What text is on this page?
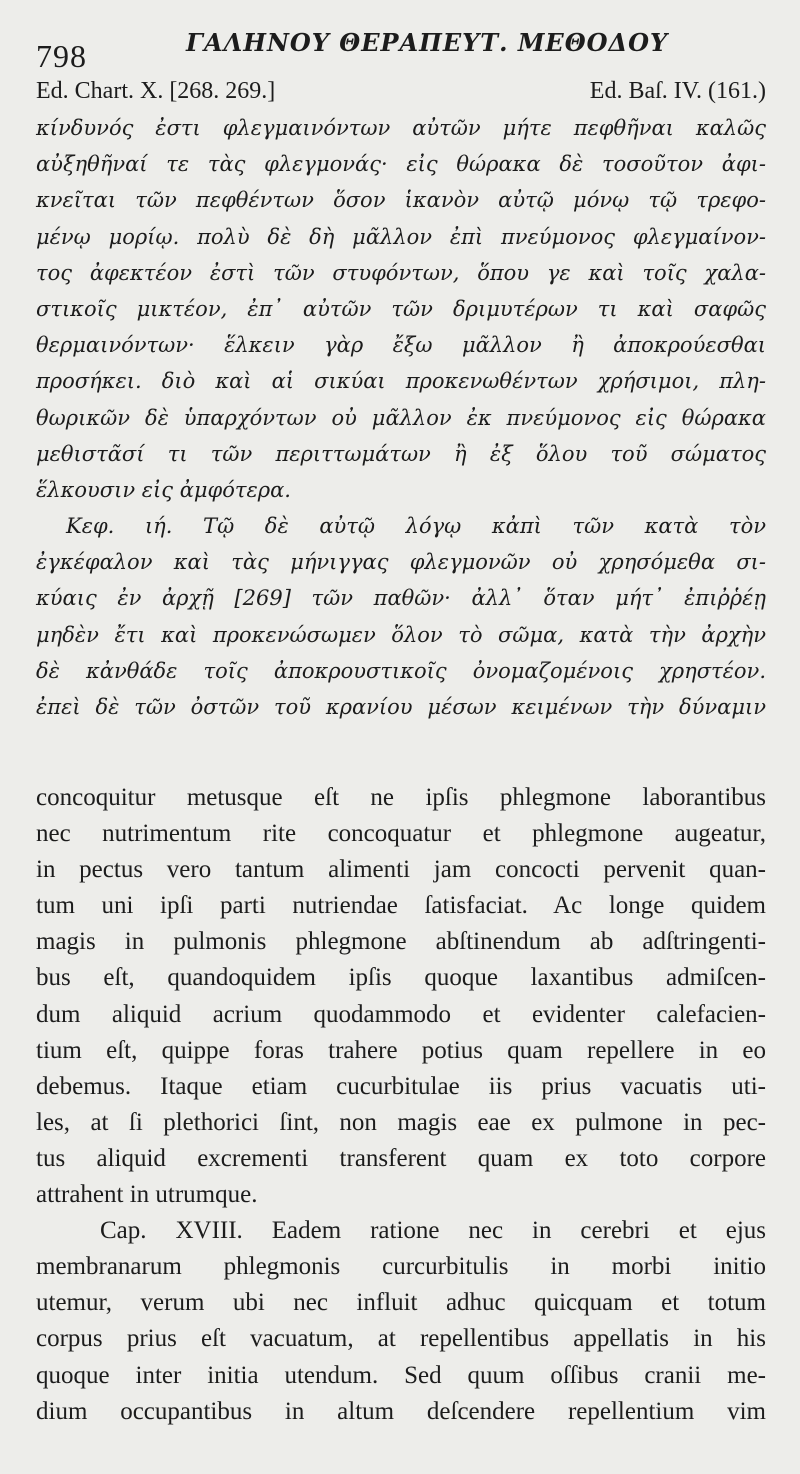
798	ΓΑΛΗΝΟΥ ΘΕΡΑΠΕΥΤ. ΜΕΘΟΔΟΥ
Ed. Chart. X. [268. 269.]	Ed. Baſ. IV. (161.)
κίνδυνός ἐστι φλεγμαινόντων αὐτῶν μήτε πεφθῆναι καλῶς
αὐξηθῆναί τε τὰς φλεγμονάς· εἰς θώρακα δὲ τοσοῦτον ἀφι-
κνεῖται τῶν πεφθέντων ὅσον ἱκανὸν αὐτῷ μόνῳ τῷ τρεφο-
μένῳ μορίῳ. πολὺ δὲ δὴ μᾶλλον ἐπὶ πνεύμονος φλεγμαίνον-
τος ἀφεκτέον ἐστὶ τῶν στυφόντων, ὅπου γε καὶ τοῖς χαλα-
στικοῖς μικτέον, ἐπ᾽ αὐτῶν τῶν δριμυτέρων τι καὶ σαφῶς
θερμαινόντων· ἕλκειν γὰρ ἔξω μᾶλλον ἢ ἀποκρούεσθαι
προσήκει. διὸ καὶ αἱ σικύαι προκενωθέντων χρήσιμοι, πλη-
θωρικῶν δὲ ὑπαρχόντων οὐ μᾶλλον ἐκ πνεύμονος εἰς θώρακα
μεθιστᾶσί τι τῶν περιττωμάτων ἢ ἐξ ὅλου τοῦ σώματος
ἕλκουσιν εἰς ἀμφότερα.
Κεφ. ιή. Τῷ δὲ αὐτῷ λόγῳ κἀπὶ τῶν κατὰ τὸν
ἐγκέφαλον καὶ τὰς μήνιγγας φλεγμονῶν οὐ χρησόμεθα σι-
κύαις ἐν ἀρχῇ [269] τῶν παθῶν· ἀλλ᾽ ὅταν μήτ᾽ ἐπιῤῥέῃ
μηδὲν ἔτι καὶ προκενώσωμεν ὅλον τὸ σῶμα, κατὰ τὴν ἀρχὴν
δὲ κἀνθάδε τοῖς ἀποκρουστικοῖς ὀνομαζομένοις χρηστέον.
ἐπεὶ δὲ τῶν ὀστῶν τοῦ κρανίου μέσων κειμένων τὴν δύναμιν
concoquitur metusque eſt ne ipſis phlegmone laborantibus
nec nutrimentum rite concoquatur et phlegmone augeatur,
in pectus vero tantum alimenti jam concocti pervenit quan-
tum uni ipſi parti nutriendae ſatisfaciat. Ac longe quidem
magis in pulmonis phlegmone abſtinendum ab adſtringenti-
bus eſt, quandoquidem ipſis quoque laxantibus admiſcen-
dum aliquid acrium quodammodo et evidenter calefacien-
tium eſt, quippe foras trahere potius quam repellere in eo
debemus. Itaque etiam cucurbitulae iis prius vacuatis uti-
les, at ſi plethorici ſint, non magis eae ex pulmone in pec-
tus aliquid excrementi transferent quam ex toto corpore
attrahent in utrumque.
Cap. XVIII. Eadem ratione nec in cerebri et ejus
membranarum phlegmonis curcurbitulis in morbi initio
utemur, verum ubi nec influit adhuc quicquam et totum
corpus prius eſt vacuatum, at repellentibus appellatis in his
quoque inter initia utendum. Sed quum oſſibus cranii me-
dium occupantibus in altum deſcendere repellentium vim
